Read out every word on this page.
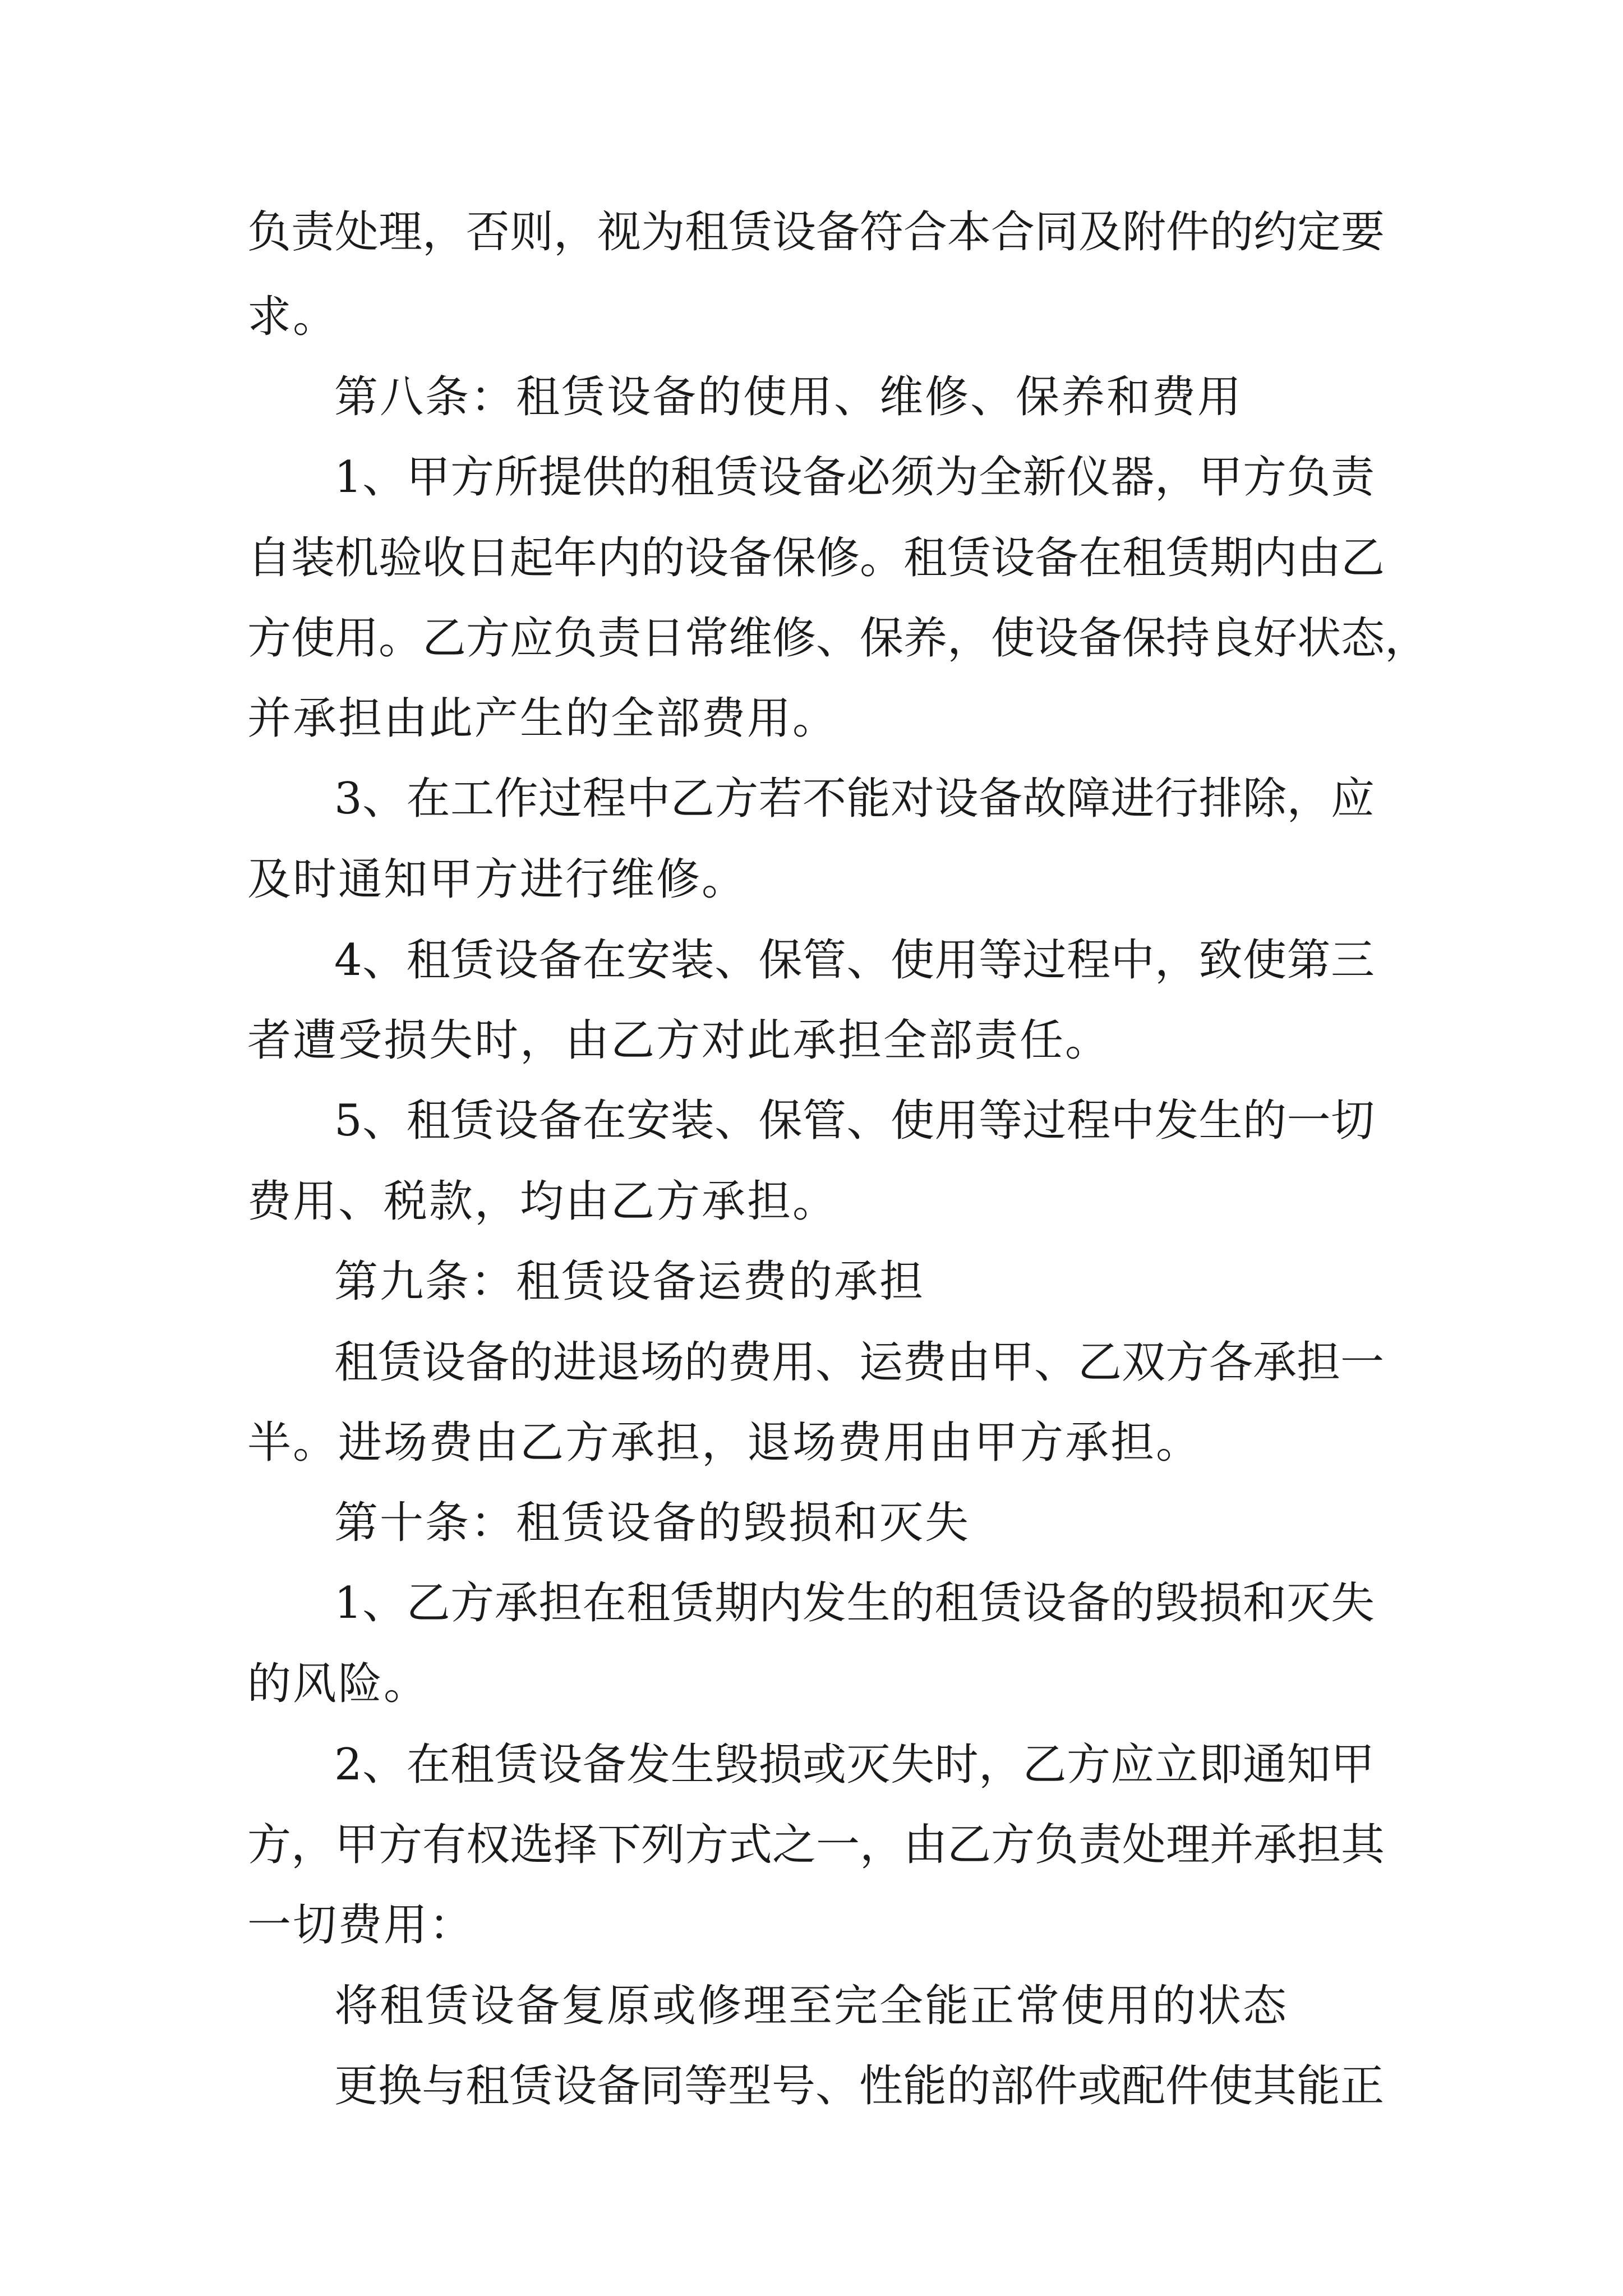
负责处理，否则，视为租赁设备符合本合同及附件的约定要
求。
第八条：租赁设备的使用、维修、保养和费用
1、甲方所提供的租赁设备必须为全新仪器，甲方负责
自装机验收日起年内的设备保修。租赁设备在租赁期内由乙
方使用。乙方应负责日常维修、保养，使设备保持良好状态，
并承担由此产生的全部费用。
3、在工作过程中乙方若不能对设备故障进行排除，应
及时通知甲方进行维修。
4、租赁设备在安装、保管、使用等过程中，致使第三
者遭受损失时，由乙方对此承担全部责任。
5、租赁设备在安装、保管、使用等过程中发生的一切
费用、税款，均由乙方承担。
第九条：租赁设备运费的承担
租赁设备的进退场的费用、运费由甲、乙双方各承担一
半。进场费由乙方承担，退场费用由甲方承担。
第十条：租赁设备的毁损和灭失
1、乙方承担在租赁期内发生的租赁设备的毁损和灭失
的风险。
2、在租赁设备发生毁损或灭失时，乙方应立即通知甲
方，甲方有权选择下列方式之一，由乙方负责处理并承担其
一切费用：
将租赁设备复原或修理至完全能正常使用的状态
更换与租赁设备同等型号、性能的部件或配件使其能正
